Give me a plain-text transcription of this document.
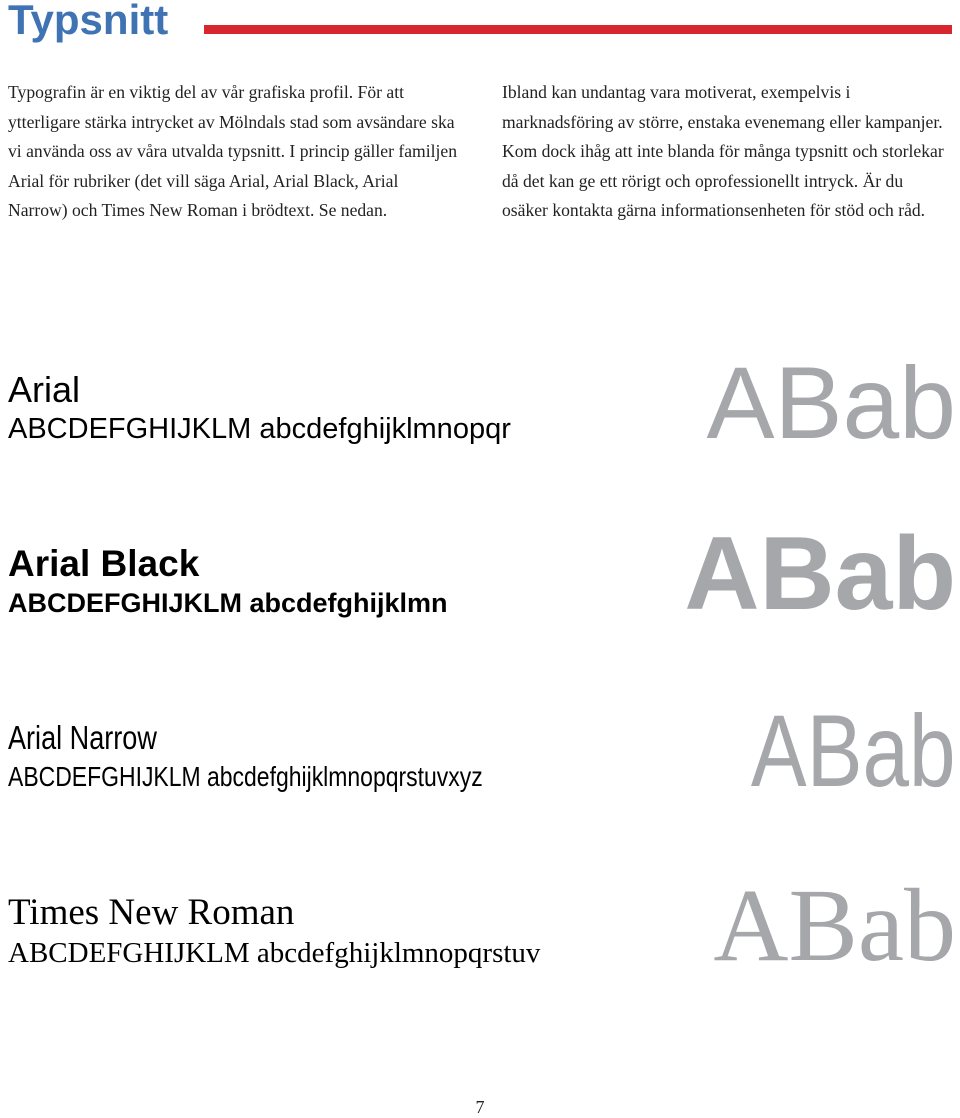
Typsnitt

Typografin är en viktig del av vår grafiska profil. För att ytterligare stärka intrycket av Mölndals stad som avsändare ska vi använda oss av våra utvalda typsnitt. I princip gäller familjen Arial för rubriker (det vill säga Arial, Arial Black, Arial Narrow) och Times New Roman i brödtext. Se nedan.

Ibland kan undantag vara motiverat, exempelvis i marknadsföring av större, enstaka evenemang eller kampanjer. Kom dock ihåg att inte blanda för många typsnitt och storlekar då det kan ge ett rörigt och oprofessionellt intryck. Är du osäker kontakta gärna informationsenheten för stöd och råd.

Arial

ABCDEFGHIJKLM abcdefghijklmnopqr ABab

Arial Black

ABCDEFGHIJKLM abcdefghijklmn ABab

Arial Narrow

ABCDEFGHIJKLM abcdefghijklmnopqrstuvxyz	ABab

Times New Roman

ABCDEFGHIJKLM abcdefghijklmnopqrstuv ABab

7
